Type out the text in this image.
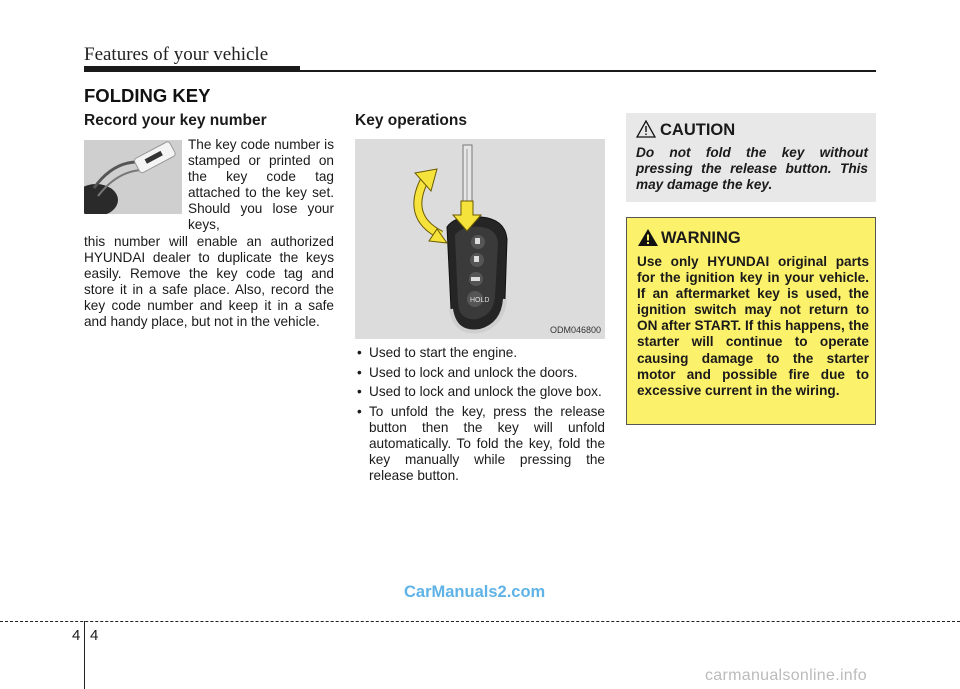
Features of your vehicle
FOLDING KEY
Record your key number
The key code number is stamped or printed on the key code tag attached to the key set. Should you lose your keys,
this number will enable an authorized HYUNDAI dealer to duplicate the keys easily. Remove the key code tag and store it in a safe place. Also, record the key code number and keep it in a safe and handy place, but not in the vehicle.
Key operations
HOLD
ODM046800
• Used to start the engine.
• Used to lock and unlock the doors.
• Used to lock and unlock the glove box.
• To unfold the key, press the release button then the key will unfold automatically. To fold the key, fold the key manually while pressing the release button.
CAUTION
Do not fold the key without pressing the release button. This may damage the key.
WARNING
Use only HYUNDAI original parts for the ignition key in your vehicle. If an aftermarket key is used, the ignition switch may not return to ON after START. If this happens, the starter will continue to operate causing damage to the starter motor and possible fire due to excessive current in the wiring.
CarManuals2.com
4 4
carmanualsonline.info
